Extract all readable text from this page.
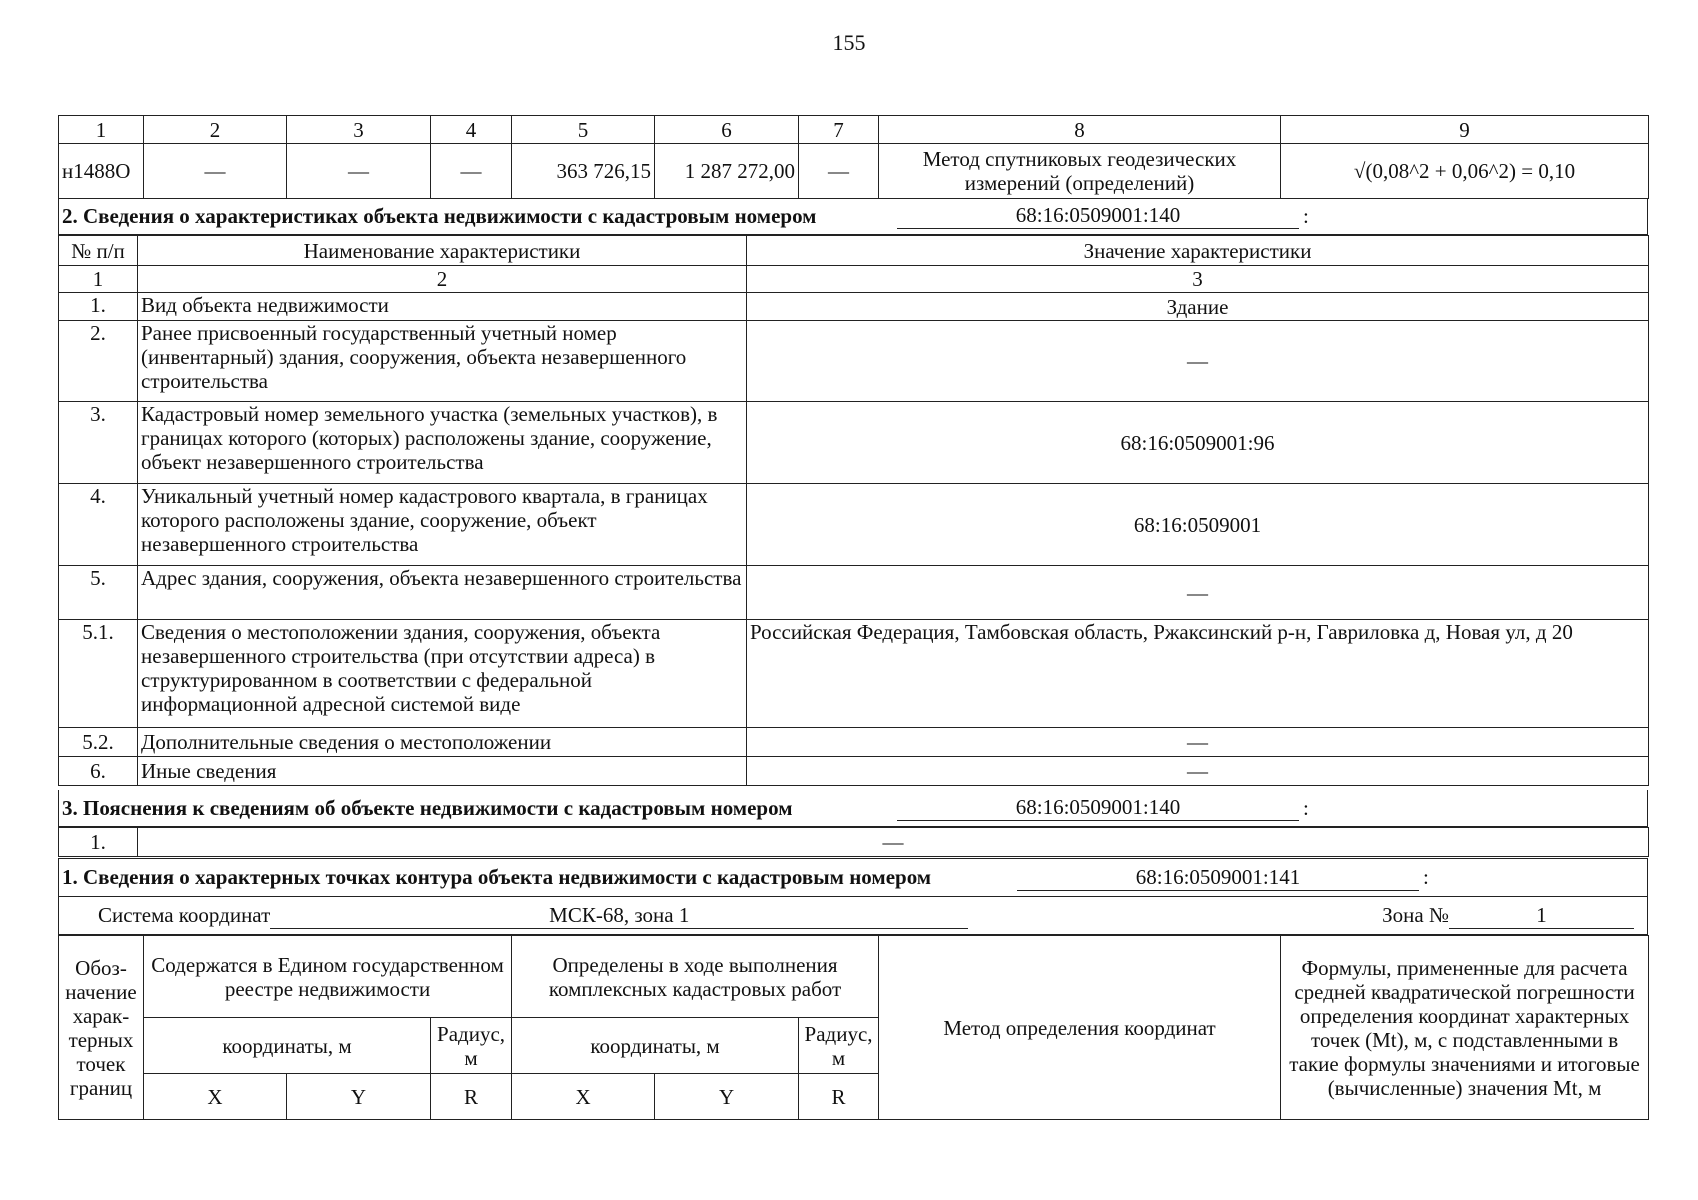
155
1	2	3	4	5	6	7	8	9
н1488О	—	—	—	363 726,15	1 287 272,00	—	Метод спутниковых геодезических измерений (определений)	√(0,08^2 + 0,06^2) = 0,10
2. Сведения о характеристиках объекта недвижимости с кадастровым номером	68:16:0509001:140	:
№ п/п	Наименование характеристики	Значение характеристики
1	2	3
1.	Вид объекта недвижимости	Здание
2.	Ранее присвоенный государственный учетный номер (инвентарный) здания, сооружения, объекта незавершенного строительства	—
3.	Кадастровый номер земельного участка (земельных участков), в границах которого (которых) расположены здание, сооружение, объект незавершенного строительства	68:16:0509001:96
4.	Уникальный учетный номер кадастрового квартала, в границах которого расположены здание, сооружение, объект незавершенного строительства	68:16:0509001
5.	Адрес здания, сооружения, объекта незавершенного строительства	—
5.1.	Сведения о местоположении здания, сооружения, объекта незавершенного строительства (при отсутствии адреса) в структурированном в соответствии с федеральной информационной адресной системой виде	Российская Федерация, Тамбовская область, Ржаксинский р-н, Гавриловка д, Новая ул, д 20
5.2.	Дополнительные сведения о местоположении	—
6.	Иные сведения	—
3. Пояснения к сведениям об объекте недвижимости с кадастровым номером	68:16:0509001:140	:
1.	—
1. Сведения о характерных точках контура объекта недвижимости с кадастровым номером	68:16:0509001:141	:
Система координат	МСК-68, зона 1	Зона №	1
Обоз-начение харак-терных точек границ	Содержатся в Едином государственном реестре недвижимости			Определены в ходе выполнения комплексных кадастровых работ			Метод определения координат	Формулы, примененные для расчета средней квадратической погрешности определения координат характерных точек (Mt), м, с подставленными в такие формулы значениями и итоговые (вычисленные) значения Mt, м
	координаты, м		Радиус, м	координаты, м		Радиус, м		
	X	Y	R	X	Y	R		
